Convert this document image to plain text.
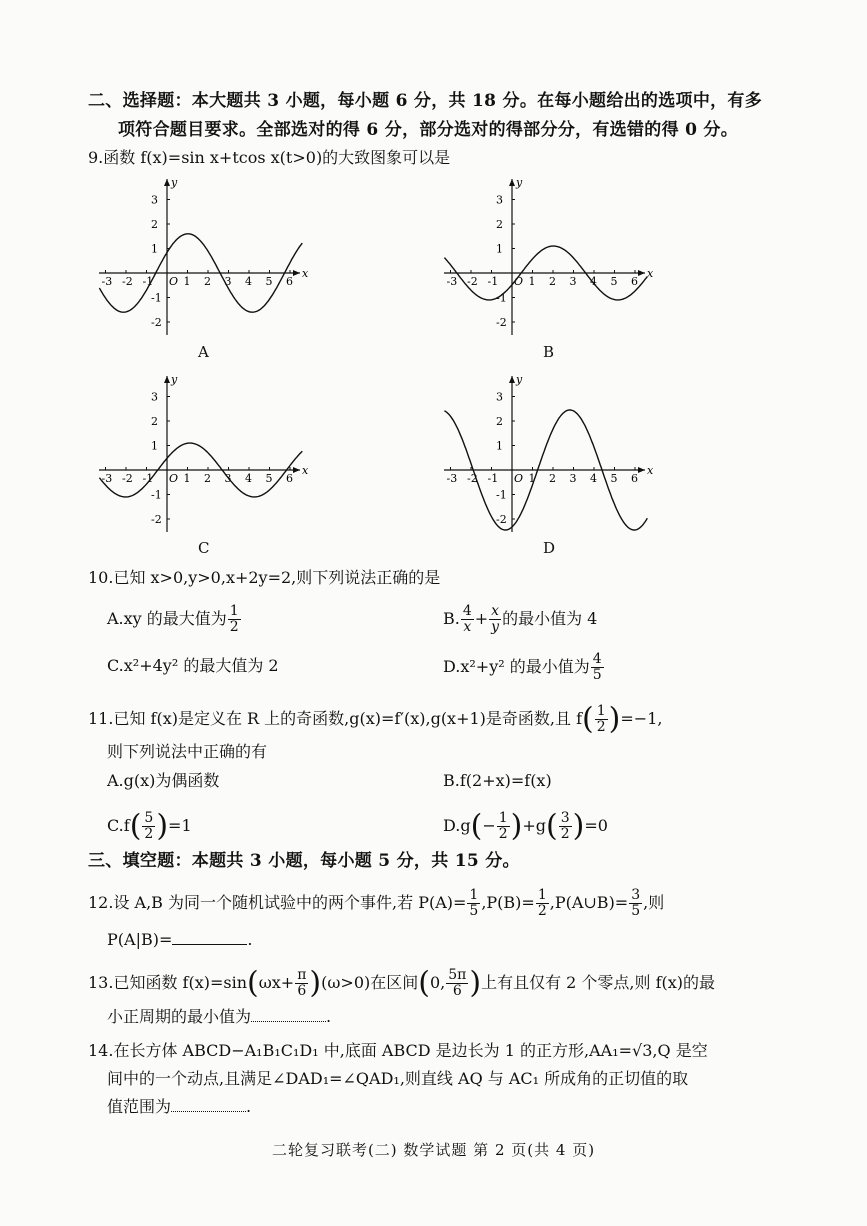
二、选择题：本大题共 3 小题，每小题 6 分，共 18 分。在每小题给出的选项中，有多
项符合题目要求。全部选对的得 6 分，部分选对的得部分分，有选错的得 0 分。
9.函数 f(x)=sin x+tcos x(t>0)的大致图象可以是
x
y
-3 -2 -1 O 1 2 3 4 5 6
3
2
1
-1
-2
A
x
y
-3 -2 -1 O 1 2 3 4 5 6
3
2
1
-1
-2
B
x
y
-3 -2 -1 O 1 2 3 4 5 6
3
2
1
-1
-2
C
x
y
-3 -2 -1 O 1 2 3 4 5 6
3
2
1
-1
-2
D
10.已知 x>0,y>0,x+2y=2,则下列说法正确的是
A.xy 的最大值为 $\frac{1}{2}$	B. $\frac{4}{x} + \frac{x}{y}$ 的最小值为 4
C.x²+4y² 的最大值为 2	D.x²+y² 的最小值为 $\frac{4}{5}$
11.已知 f(x)是定义在 R 上的奇函数,g(x)=f′(x),g(x+1)是奇函数,且 $f( \frac{1}{2} )=-1$,
则下列说法中正确的有
A.g(x)为偶函数	B.f(2+x)=f(x)
$C.f( \frac{5}{2} )=1$	$D.g(- \frac{1}{2} )+g( \frac{3}{2} )=0$
三、填空题：本题共 3 小题，每小题 5 分，共 15 分。
12.设 A,B 为同一个随机试验中的两个事件,若 $P(A)= \frac{1}{5} ,P(B)= \frac{1}{2}$ ,P(A∪B)= $\frac{3}{5}$ ,则
P(A|B)=	.
13.已知函数 $f(x)=\sin(\omega x+ \frac{\pi}{6} )(\omega>0)$在区间(0, $\frac{5\pi}{6}$ )上有且仅有 2 个零点,则 f(x)的最
小正周期的最小值为	.
14.在长方体 ABCD−A₁B₁C₁D₁ 中,底面 ABCD 是边长为 1 的正方形,AA₁=√3,Q 是空
间中的一个动点,且满足∠DAD₁=∠QAD₁,则直线 AQ 与 AC₁ 所成角的正切值的取
值范围为	.
二轮复习联考(二) 数学试题 第 2 页(共 4 页)
